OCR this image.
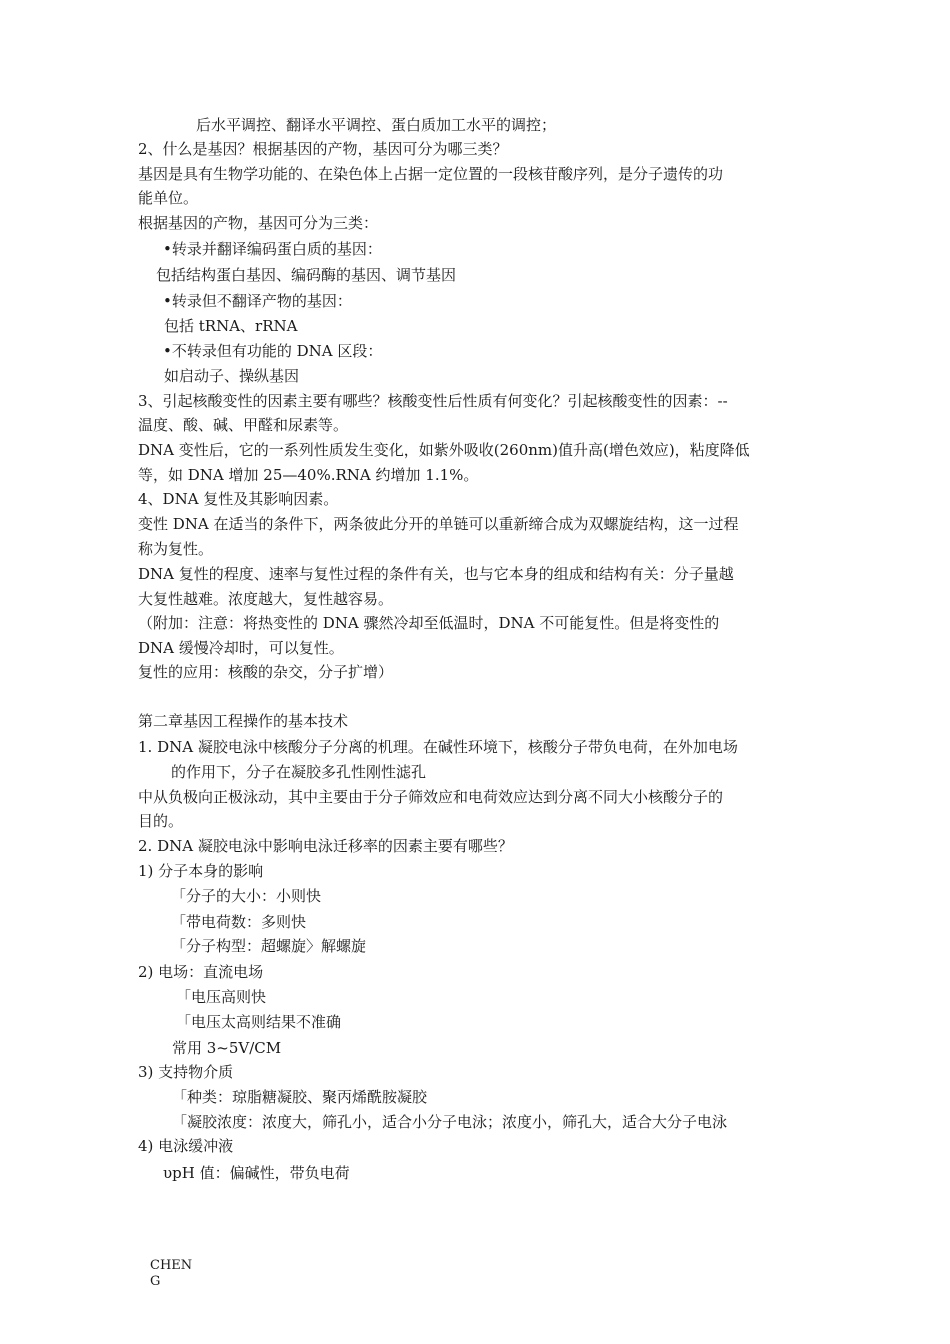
后水平调控、翻译水平调控、蛋白质加工水平的调控；
2、什么是基因？根据基因的产物，基因可分为哪三类？
基因是具有生物学功能的、在染色体上占据一定位置的一段核苷酸序列，是分子遗传的功
能单位。
根据基因的产物，基因可分为三类：
•转录并翻译编码蛋白质的基因：
包括结构蛋白基因、编码酶的基因、调节基因
•转录但不翻译产物的基因：
包括 tRNA、rRNA
•不转录但有功能的 DNA 区段：
如启动子、操纵基因
3、引起核酸变性的因素主要有哪些？核酸变性后性质有何变化？引起核酸变性的因素：--
温度、酸、碱、甲醛和尿素等。
DNA 变性后，它的一系列性质发生变化，如紫外吸收(260nm)值升高(增色效应)，粘度降低
等，如 DNA 增加 25—40%.RNA 约增加 1.1%。
4、DNA 复性及其影响因素。
变性 DNA 在适当的条件下，两条彼此分开的单链可以重新缔合成为双螺旋结构，这一过程
称为复性。
DNA 复性的程度、速率与复性过程的条件有关，也与它本身的组成和结构有关：分子量越
大复性越难。浓度越大，复性越容易。
（附加：注意：将热变性的 DNA 骤然冷却至低温时，DNA 不可能复性。但是将变性的
DNA 缓慢冷却时，可以复性。
复性的应用：核酸的杂交，分子扩增）
第二章基因工程操作的基本技术
1. DNA 凝胶电泳中核酸分子分离的机理。在碱性环境下，核酸分子带负电荷，在外加电场
的作用下，分子在凝胶多孔性刚性滤孔
中从负极向正极泳动，其中主要由于分子筛效应和电荷效应达到分离不同大小核酸分子的
目的。
2. DNA 凝胶电泳中影响电泳迁移率的因素主要有哪些？
1) 分子本身的影响
「分子的大小：小则快
「带电荷数：多则快
「分子构型：超螺旋〉解螺旋
2) 电场：直流电场
「电压高则快
「电压太高则结果不准确
常用 3~5V/CM
3) 支持物介质
「种类：琼脂糖凝胶、聚丙烯酰胺凝胶
「凝胶浓度：浓度大，筛孔小，适合小分子电泳；浓度小，筛孔大，适合大分子电泳
4) 电泳缓冲液
υpH 值：偏碱性，带负电荷
CHEN
G
